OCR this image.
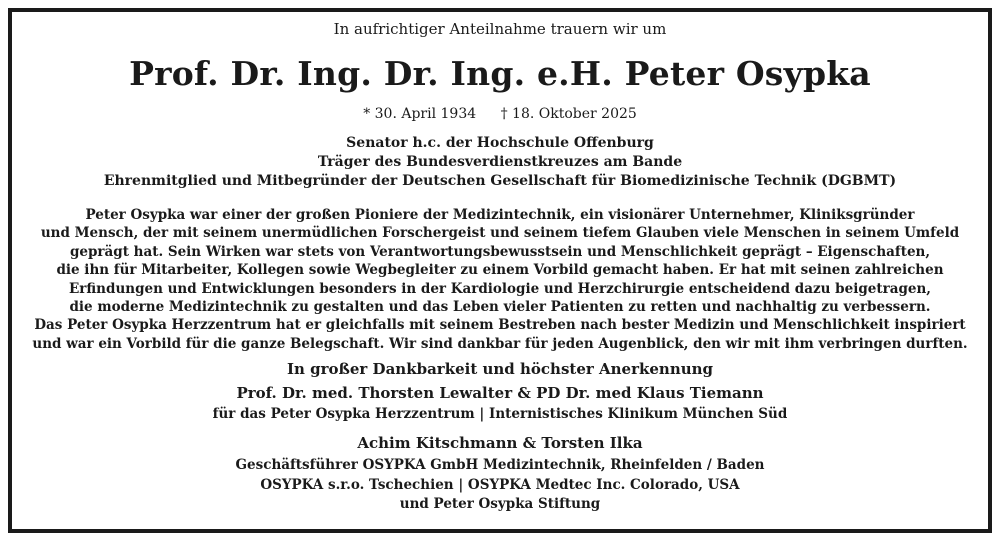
In aufrichtiger Anteilnahme trauern wir um
Prof. Dr. Ing. Dr. Ing. e.H. Peter Osypka
* 30. April 1934 † 18. Oktober 2025
Senator h.c. der Hochschule Offenburg
Träger des Bundesverdienstkreuzes am Bande
Ehrenmitglied und Mitbegründer der Deutschen Gesellschaft für Biomedizinische Technik (DGBMT)
Peter Osypka war einer der großen Pioniere der Medizintechnik, ein visionärer Unternehmer, Kliniksgründer
und Mensch, der mit seinem unermüdlichen Forschergeist und seinem tiefem Glauben viele Menschen in seinem Umfeld
geprägt hat. Sein Wirken war stets von Verantwortungsbewusstsein und Menschlichkeit geprägt – Eigenschaften,
die ihn für Mitarbeiter, Kollegen sowie Wegbegleiter zu einem Vorbild gemacht haben. Er hat mit seinen zahlreichen
Erfindungen und Entwicklungen besonders in der Kardiologie und Herzchirurgie entscheidend dazu beigetragen,
die moderne Medizintechnik zu gestalten und das Leben vieler Patienten zu retten und nachhaltig zu verbessern.
Das Peter Osypka Herzzentrum hat er gleichfalls mit seinem Bestreben nach bester Medizin und Menschlichkeit inspiriert
und war ein Vorbild für die ganze Belegschaft. Wir sind dankbar für jeden Augenblick, den wir mit ihm verbringen durften.
In großer Dankbarkeit und höchster Anerkennung
Prof. Dr. med. Thorsten Lewalter & PD Dr. med Klaus Tiemann
für das Peter Osypka Herzzentrum | Internistisches Klinikum München Süd
Achim Kitschmann & Torsten Ilka
Geschäftsführer OSYPKA GmbH Medizintechnik, Rheinfelden / Baden
OSYPKA s.r.o. Tschechien | OSYPKA Medtec Inc. Colorado, USA
und Peter Osypka Stiftung
